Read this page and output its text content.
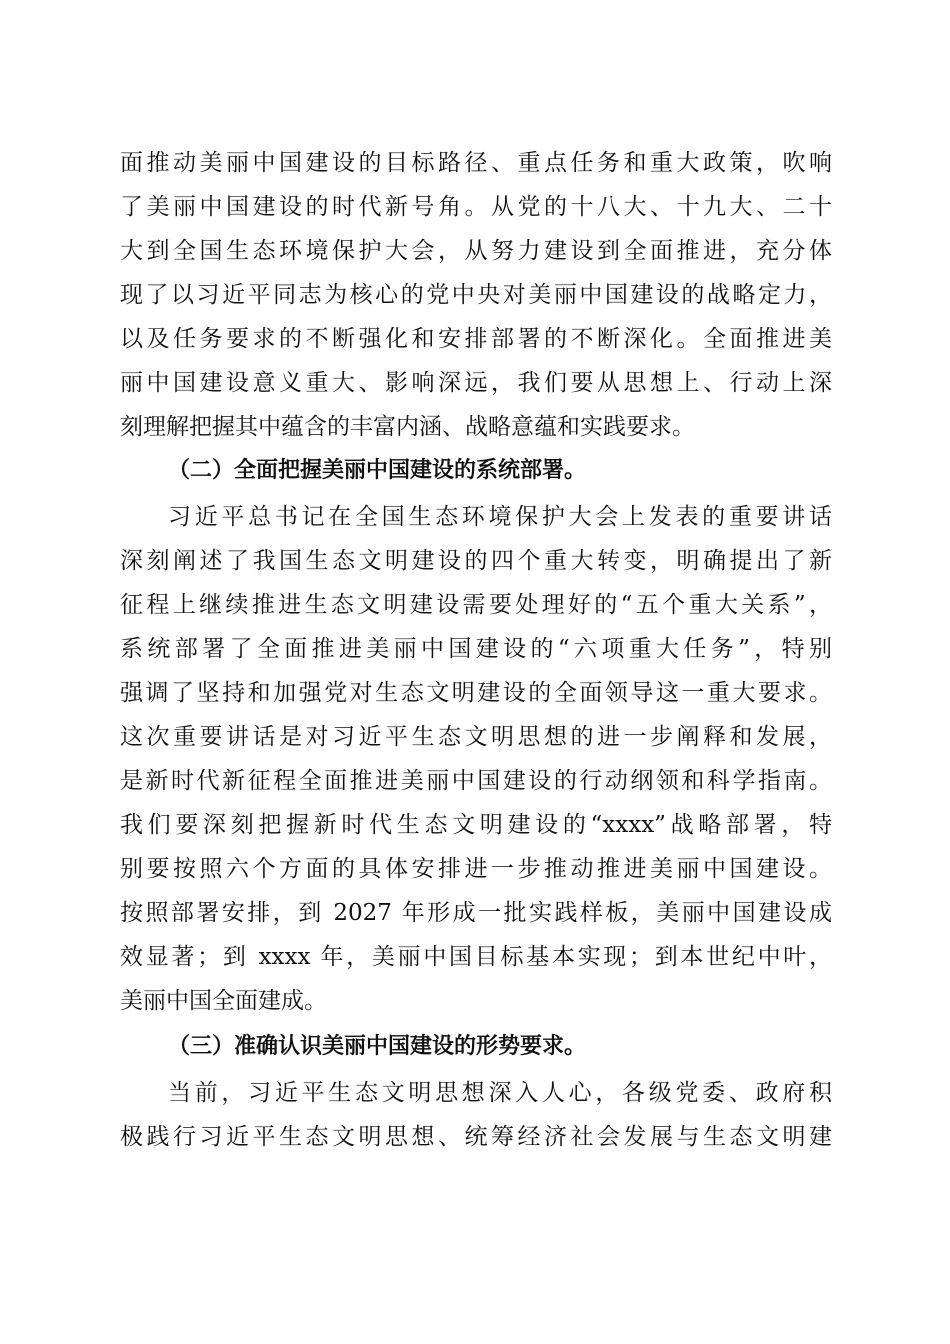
面推动美丽中国建设的目标路径、重点任务和重大政策，吹响
了美丽中国建设的时代新号角。从党的十八大、十九大、二十
大到全国生态环境保护大会，从努力建设到全面推进，充分体
现了以习近平同志为核心的党中央对美丽中国建设的战略定力，
以及任务要求的不断强化和安排部署的不断深化。全面推进美
丽中国建设意义重大、影响深远，我们要从思想上、行动上深
刻理解把握其中蕴含的丰富内涵、战略意蕴和实践要求。
（二）全面把握美丽中国建设的系统部署。
习近平总书记在全国生态环境保护大会上发表的重要讲话
深刻阐述了我国生态文明建设的四个重大转变，明确提出了新
征程上继续推进生态文明建设需要处理好的“五个重大关系”，
系统部署了全面推进美丽中国建设的“六项重大任务”，特别
强调了坚持和加强党对生态文明建设的全面领导这一重大要求。
这次重要讲话是对习近平生态文明思想的进一步阐释和发展，
是新时代新征程全面推进美丽中国建设的行动纲领和科学指南。
我们要深刻把握新时代生态文明建设的“xxxx”战略部署，特
别要按照六个方面的具体安排进一步推动推进美丽中国建设。
按照部署安排，到 2027 年形成一批实践样板，美丽中国建设成
效显著；到 xxxx 年，美丽中国目标基本实现；到本世纪中叶，
美丽中国全面建成。
（三）准确认识美丽中国建设的形势要求。
当前，习近平生态文明思想深入人心，各级党委、政府积
极践行习近平生态文明思想、统筹经济社会发展与生态文明建
